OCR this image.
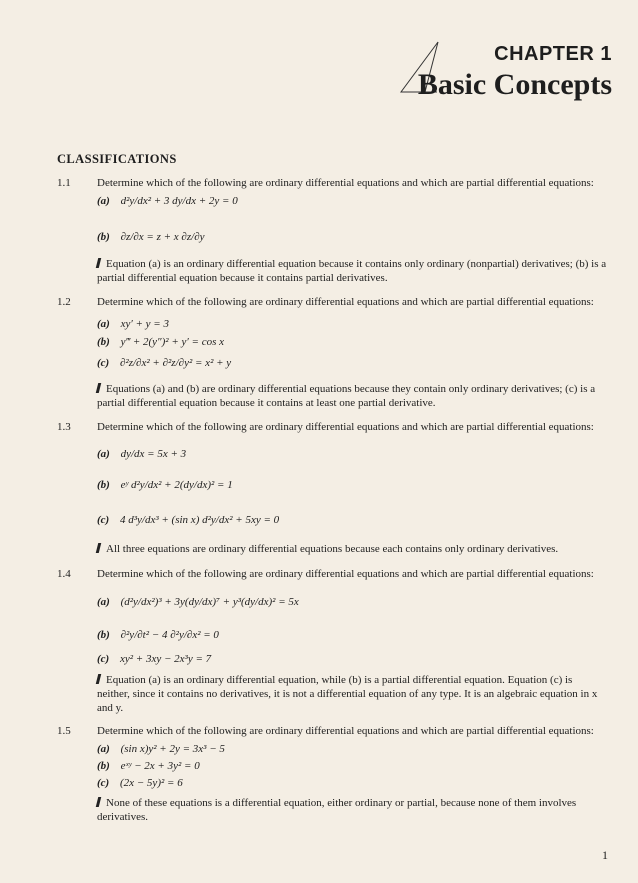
CHAPTER 1
Basic Concepts
CLASSIFICATIONS
1.1 Determine which of the following are ordinary differential equations and which are partial differential equations:
(a) d²y/dx² + 3 dy/dx + 2y = 0
(b) ∂z/∂x = z + x ∂z/∂y
Equation (a) is an ordinary differential equation because it contains only ordinary (nonpartial) derivatives; (b) is a partial differential equation because it contains partial derivatives.
1.2 Determine which of the following are ordinary differential equations and which are partial differential equations:
(a) xy′ + y = 3
(b) y‴ + 2(y″)² + y′ = cos x
(c) ∂²z/∂x² + ∂²z/∂y² = x² + y
Equations (a) and (b) are ordinary differential equations because they contain only ordinary derivatives; (c) is a partial differential equation because it contains at least one partial derivative.
1.3 Determine which of the following are ordinary differential equations and which are partial differential equations:
(a) dy/dx = 5x + 3
(b) eʸ d²y/dx² + 2(dy/dx)² = 1
(c) 4 d³y/dx³ + (sin x) d²y/dx² + 5xy = 0
All three equations are ordinary differential equations because each contains only ordinary derivatives.
1.4 Determine which of the following are ordinary differential equations and which are partial differential equations:
(a) (d²y/dx²)³ + 3y(dy/dx)⁷ + y³(dy/dx)² = 5x
(b) ∂²y/∂t² − 4 ∂²y/∂x² = 0
(c) xy² + 3xy − 2x³y = 7
Equation (a) is an ordinary differential equation, while (b) is a partial differential equation. Equation (c) is neither, since it contains no derivatives, it is not a differential equation of any type. It is an algebraic equation in x and y.
1.5 Determine which of the following are ordinary differential equations and which are partial differential equations:
(a) (sin x)y² + 2y = 3x³ − 5
(b) eˣʸ − 2x + 3y² = 0
(c) (2x − 5y)² = 6
None of these equations is a differential equation, either ordinary or partial, because none of them involves derivatives.
1
